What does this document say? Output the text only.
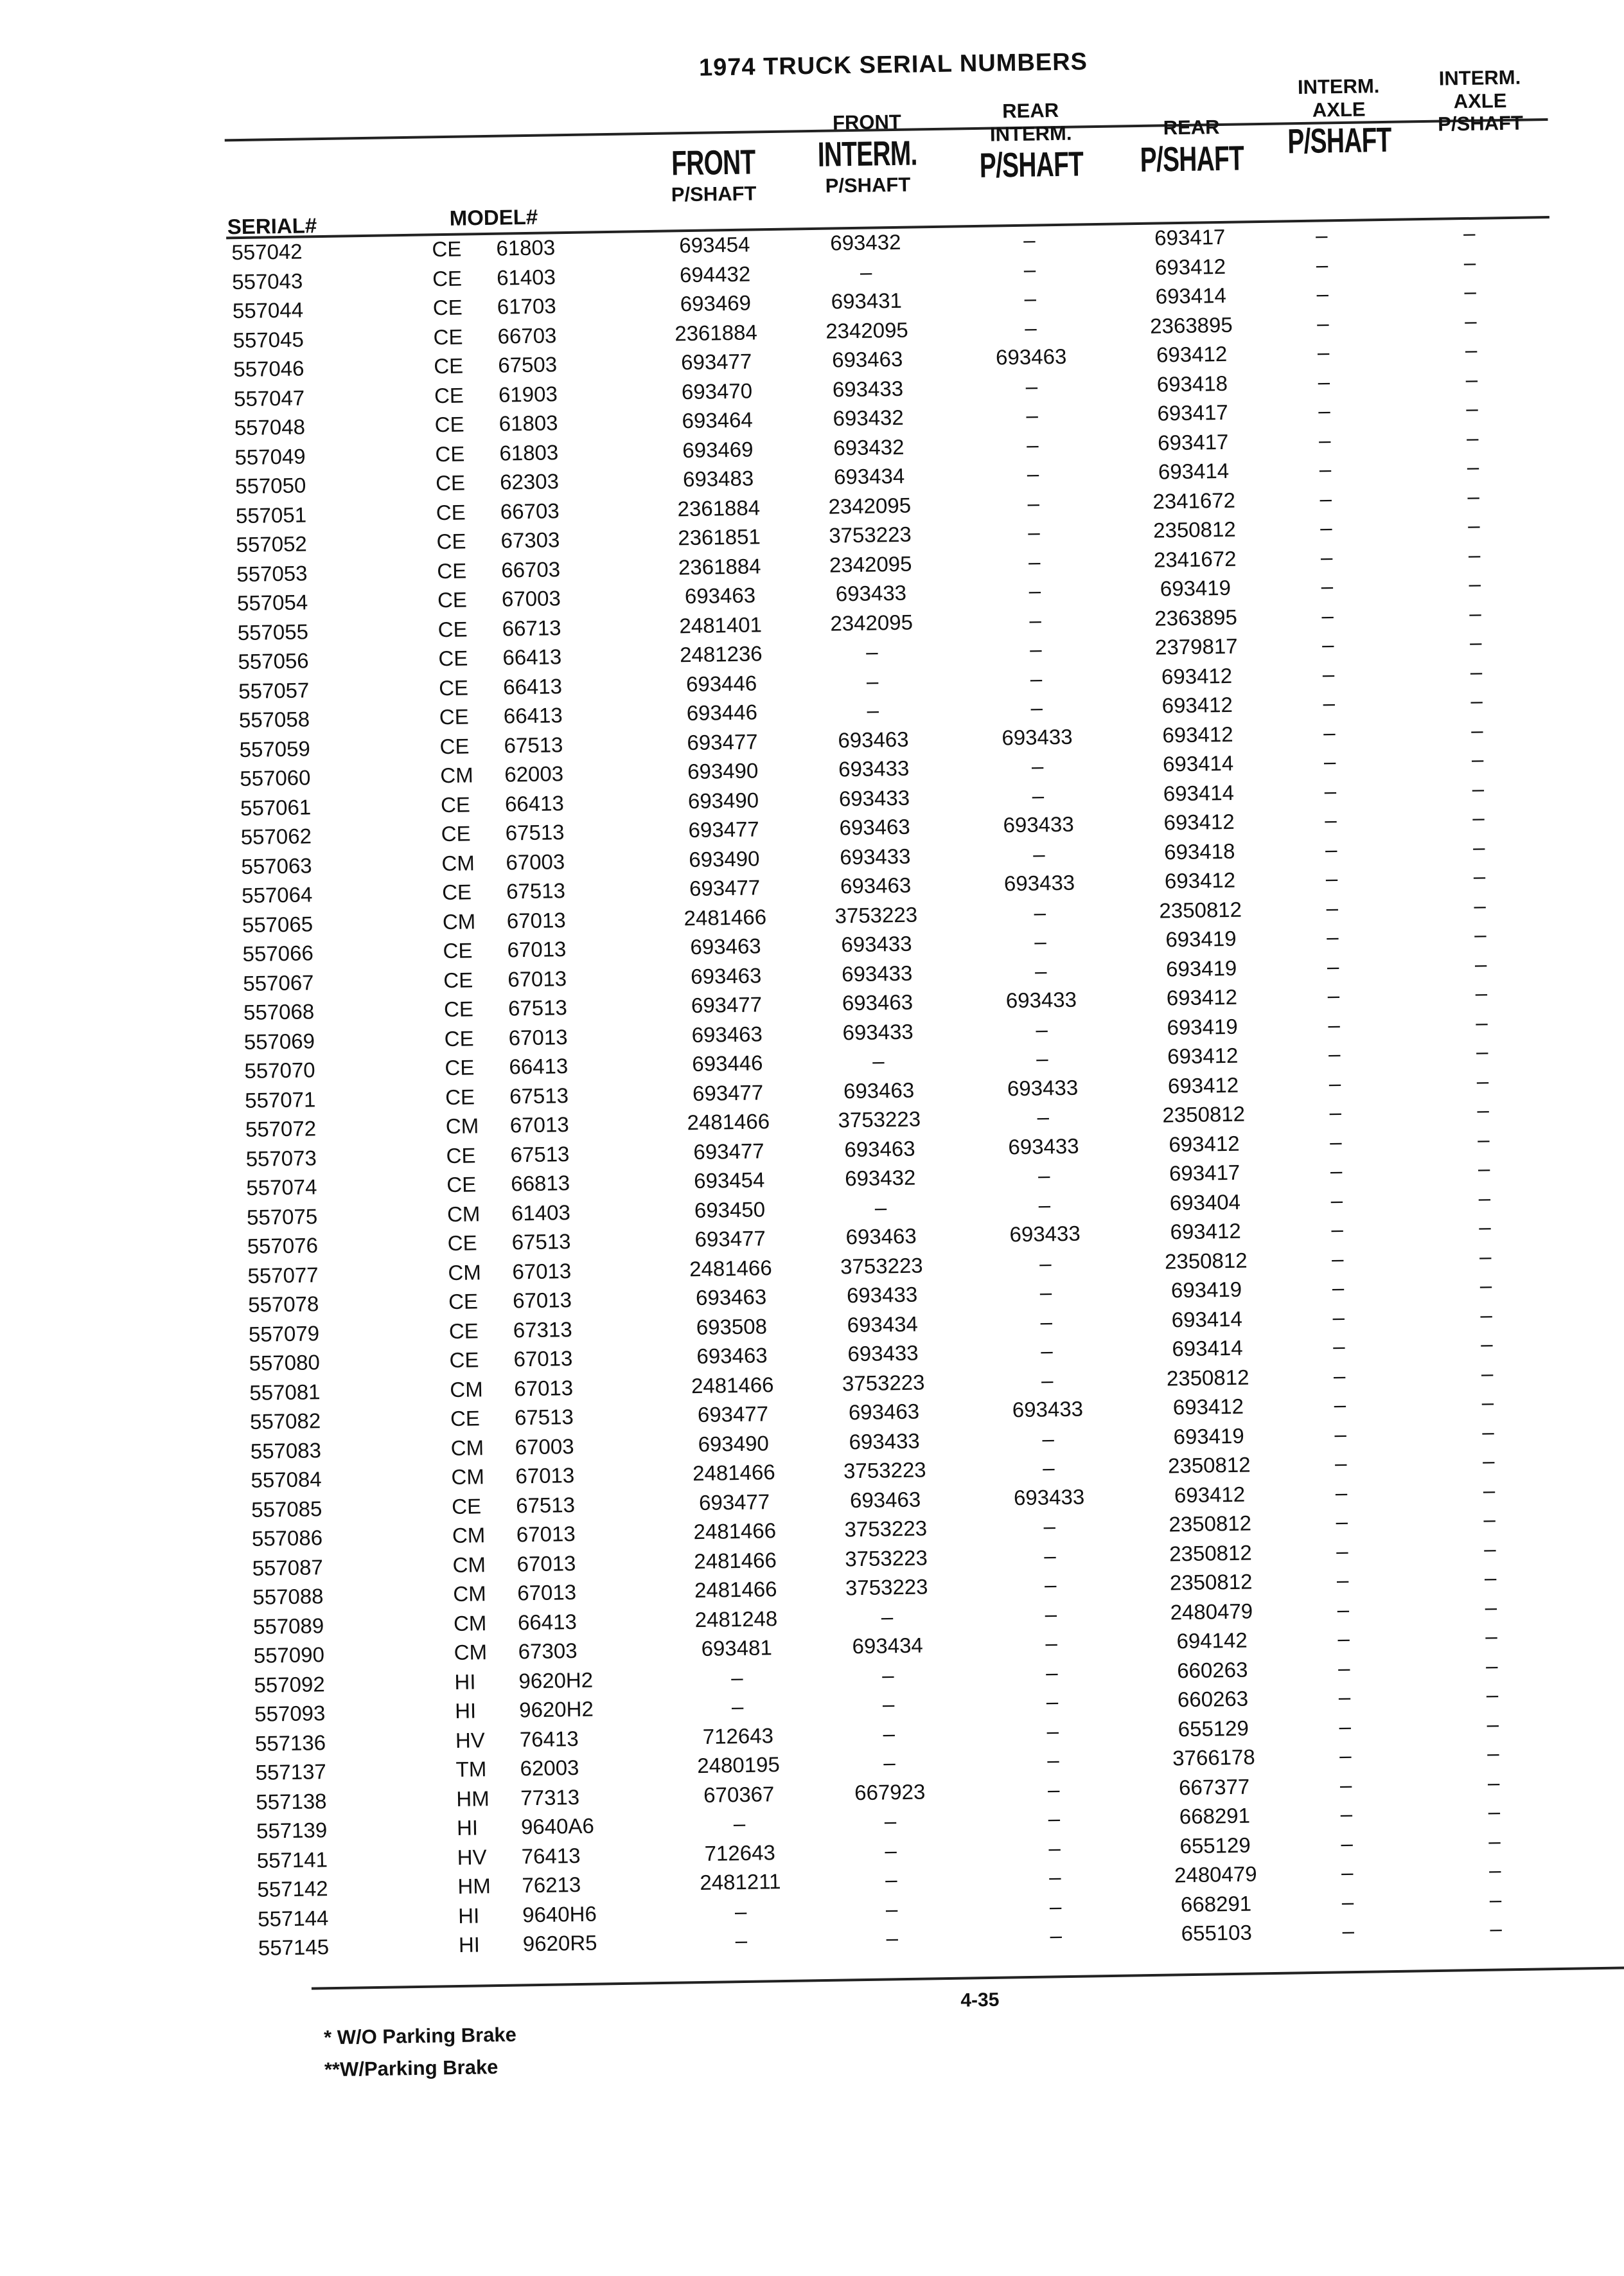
1974 TRUCK SERIAL NUMBERS
SERIAL#	MODEL#
FRONT
P/SHAFT
FRONT
INTERM.
P/SHAFT
REAR
INTERM.
P/SHAFT
REAR
P/SHAFT
INTERM.
AXLE
P/SHAFT
INTERM.
AXLE
P/SHAFT
557042	CE 61803	693454	693432	–	693417	–	–
557043	CE 61403	694432	–	–	693412	–	–
557044	CE 61703	693469	693431	–	693414	–	–
557045	CE 66703	2361884	2342095	–	2363895	–	–
557046	CE 67503	693477	693463	693463	693412	–	–
557047	CE 61903	693470	693433	–	693418	–	–
557048	CE 61803	693464	693432	–	693417	–	–
557049	CE 61803	693469	693432	–	693417	–	–
557050	CE 62303	693483	693434	–	693414	–	–
557051	CE 66703	2361884	2342095	–	2341672	–	–
557052	CE 67303	2361851	3753223	–	2350812	–	–
557053	CE 66703	2361884	2342095	–	2341672	–	–
557054	CE 67003	693463	693433	–	693419	–	–
557055	CE 66713	2481401	2342095	–	2363895	–	–
557056	CE 66413	2481236	–	–	2379817	–	–
557057	CE 66413	693446	–	–	693412	–	–
557058	CE 66413	693446	–	–	693412	–	–
557059	CE 67513	693477	693463	693433	693412	–	–
557060	CM 62003	693490	693433	–	693414	–	–
557061	CE 66413	693490	693433	–	693414	–	–
557062	CE 67513	693477	693463	693433	693412	–	–
557063	CM 67003	693490	693433	–	693418	–	–
557064	CE 67513	693477	693463	693433	693412	–	–
557065	CM 67013	2481466	3753223	–	2350812	–	–
557066	CE 67013	693463	693433	–	693419	–	–
557067	CE 67013	693463	693433	–	693419	–	–
557068	CE 67513	693477	693463	693433	693412	–	–
557069	CE 67013	693463	693433	–	693419	–	–
557070	CE 66413	693446	–	–	693412	–	–
557071	CE 67513	693477	693463	693433	693412	–	–
557072	CM 67013	2481466	3753223	–	2350812	–	–
557073	CE 67513	693477	693463	693433	693412	–	–
557074	CE 66813	693454	693432	–	693417	–	–
557075	CM 61403	693450	–	–	693404	–	–
557076	CE 67513	693477	693463	693433	693412	–	–
557077	CM 67013	2481466	3753223	–	2350812	–	–
557078	CE 67013	693463	693433	–	693419	–	–
557079	CE 67313	693508	693434	–	693414	–	–
557080	CE 67013	693463	693433	–	693414	–	–
557081	CM 67013	2481466	3753223	–	2350812	–	–
557082	CE 67513	693477	693463	693433	693412	–	–
557083	CM 67003	693490	693433	–	693419	–	–
557084	CM 67013	2481466	3753223	–	2350812	–	–
557085	CE 67513	693477	693463	693433	693412	–	–
557086	CM 67013	2481466	3753223	–	2350812	–	–
557087	CM 67013	2481466	3753223	–	2350812	–	–
557088	CM 67013	2481466	3753223	–	2350812	–	–
557089	CM 66413	2481248	–	–	2480479	–	–
557090	CM 67303	693481	693434	–	694142	–	–
557092	HI 9620H2	–	–	–	660263	–	–
557093	HI 9620H2	–	–	–	660263	–	–
557136	HV 76413	712643	–	–	655129	–	–
557137	TM 62003	2480195	–	–	3766178	–	–
557138	HM 77313	670367	667923	–	667377	–	–
557139	HI 9640A6	–	–	–	668291	–	–
557141	HV 76413	712643	–	–	655129	–	–
557142	HM 76213	2481211	–	–	2480479	–	–
557144	HI 9640H6	–	–	–	668291	–	–
557145	HI 9620R5	–	–	–	655103	–	–
4-35
* W/O Parking Brake
**W/Parking Brake
